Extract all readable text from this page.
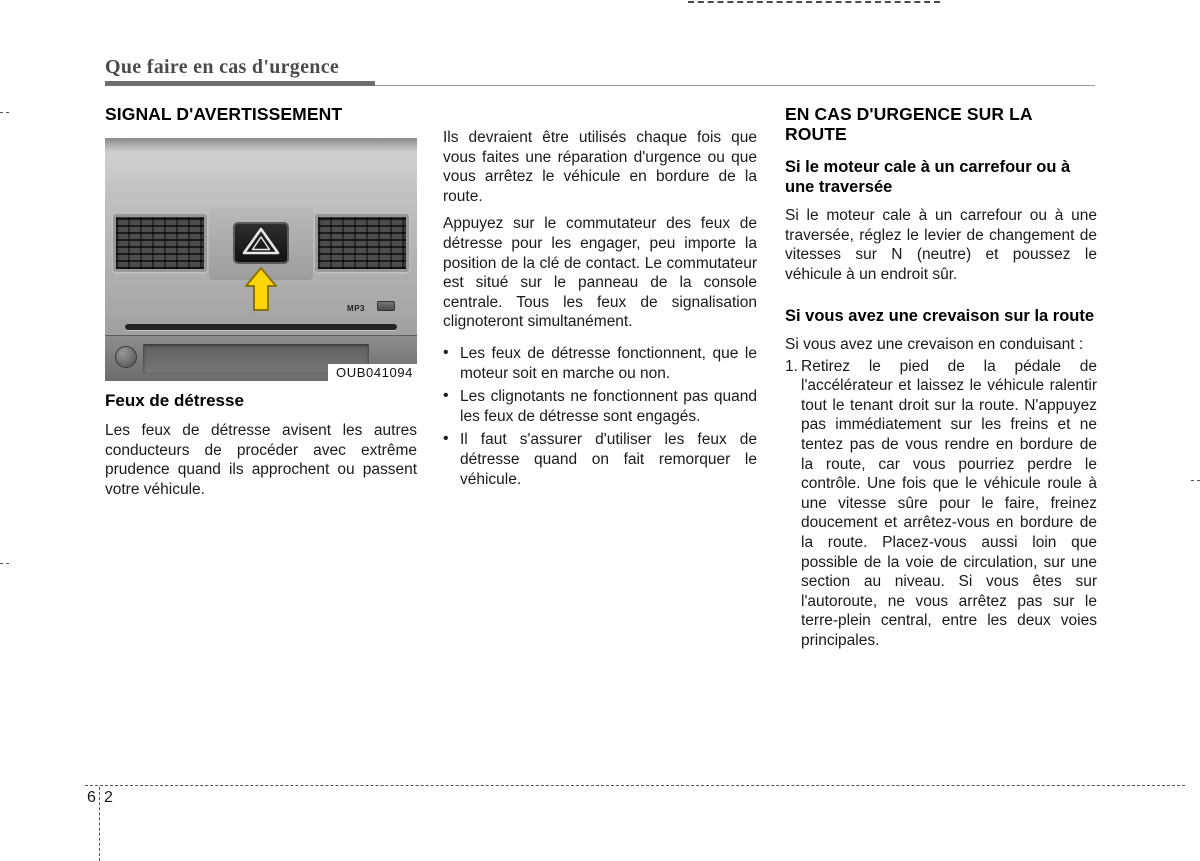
Que faire en cas d'urgence
SIGNAL D'AVERTISSEMENT
MP3
OUB041094
Feux de détresse
Les feux de détresse avisent les autres conducteurs de procéder avec extrême prudence quand ils approchent ou passent votre véhicule.
Ils devraient être utilisés chaque fois que vous faites une réparation d'urgence ou que vous arrêtez le véhicule en bordure de la route.
Appuyez sur le commutateur des feux de détresse pour les engager, peu importe la position de la clé de contact. Le commutateur est situé sur le panneau de la console centrale. Tous les feux de signalisation clignoteront simultanément.
• Les feux de détresse fonctionnent, que le moteur soit en marche ou non.
• Les clignotants ne fonctionnent pas quand les feux de détresse sont engagés.
• Il faut s'assurer d'utiliser les feux de détresse quand on fait remorquer le véhicule.
EN CAS D'URGENCE SUR LA ROUTE
Si le moteur cale à un carrefour ou à une traversée
Si le moteur cale à un carrefour ou à une traversée, réglez le levier de changement de vitesses sur N (neutre) et poussez le véhicule à un endroit sûr.
Si vous avez une crevaison sur la route
Si vous avez une crevaison en conduisant :
1. Retirez le pied de la pédale de l'accélérateur et laissez le véhicule ralentir tout le tenant droit sur la route. N'appuyez pas immédiatement sur les freins et ne tentez pas de vous rendre en bordure de la route, car vous pourriez perdre le contrôle. Une fois que le véhicule roule à une vitesse sûre pour le faire, freinez doucement et arrêtez-vous en bordure de la route. Placez-vous aussi loin que possible de la voie de circulation, sur une section au niveau. Si vous êtes sur l'autoroute, ne vous arrêtez pas sur le terre-plein central, entre les deux voies principales.
6 2
